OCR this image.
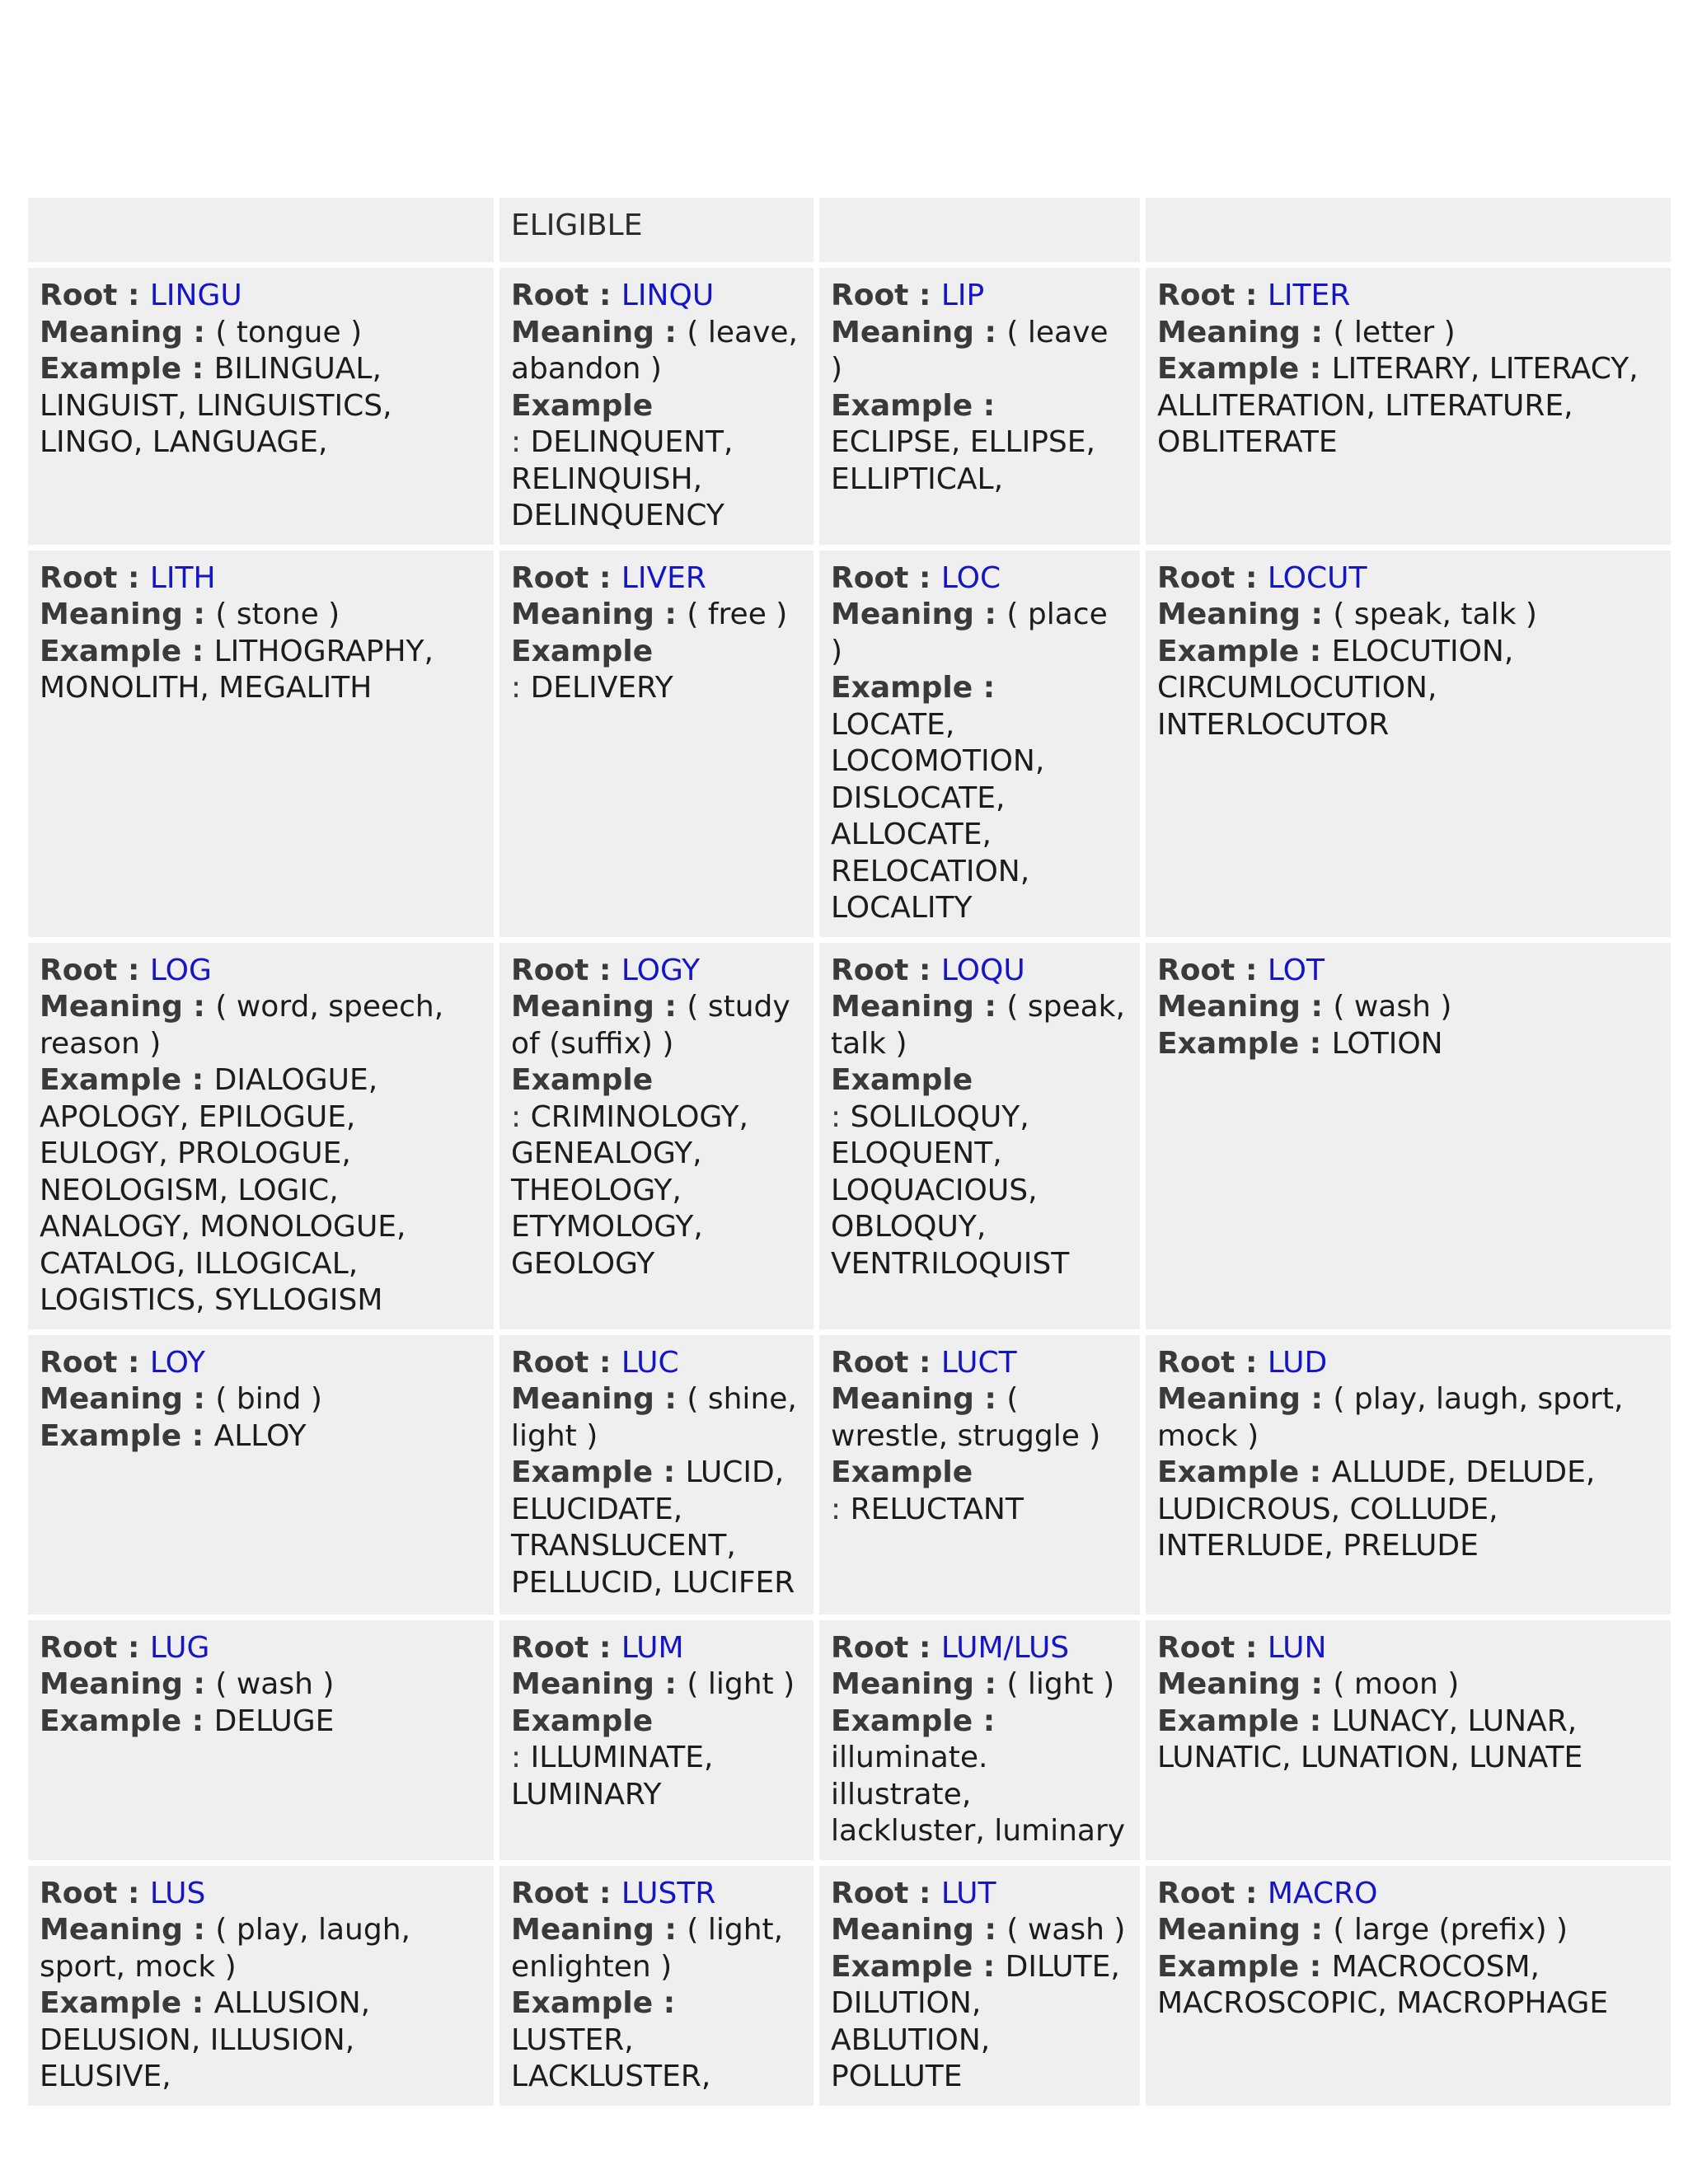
	ELIGIBLE		

Root : LINGU
Meaning : ( tongue )
Example : BILINGUAL, LINGUIST, LINGUISTICS, LINGO, LANGUAGE,	Root : LINQU
Meaning : ( leave, abandon )
Example
: DELINQUENT, RELINQUISH, DELINQUENCY	Root : LIP
Meaning : ( leave )
Example : ECLIPSE, ELLIPSE, ELLIPTICAL,	Root : LITER
Meaning : ( letter )
Example : LITERARY, LITERACY, ALLITERATION, LITERATURE, OBLITERATE

Root : LITH
Meaning : ( stone )
Example : LITHOGRAPHY, MONOLITH, MEGALITH	Root : LIVER
Meaning : ( free )
Example
: DELIVERY	Root : LOC
Meaning : ( place )
Example : LOCATE, LOCOMOTION, DISLOCATE, ALLOCATE, RELOCATION, LOCALITY	Root : LOCUT
Meaning : ( speak, talk )
Example : ELOCUTION, CIRCUMLOCUTION, INTERLOCUTOR

Root : LOG
Meaning : ( word, speech, reason )
Example : DIALOGUE, APOLOGY, EPILOGUE, EULOGY, PROLOGUE, NEOLOGISM, LOGIC, ANALOGY, MONOLOGUE, CATALOG, ILLOGICAL, LOGISTICS, SYLLOGISM	Root : LOGY
Meaning : ( study of (suffix) )
Example
: CRIMINOLOGY, GENEALOGY, THEOLOGY, ETYMOLOGY, GEOLOGY	Root : LOQU
Meaning : ( speak, talk )
Example
: SOLILOQUY, ELOQUENT, LOQUACIOUS, OBLOQUY, VENTRILOQUIST	Root : LOT
Meaning : ( wash )
Example : LOTION

Root : LOY
Meaning : ( bind )
Example : ALLOY	Root : LUC
Meaning : ( shine, light )
Example : LUCID, ELUCIDATE, TRANSLUCENT, PELLUCID, LUCIFER	Root : LUCT
Meaning : ( wrestle, struggle )
Example
: RELUCTANT	Root : LUD
Meaning : ( play, laugh, sport, mock )
Example : ALLUDE, DELUDE, LUDICROUS, COLLUDE, INTERLUDE, PRELUDE

Root : LUG
Meaning : ( wash )
Example : DELUGE	Root : LUM
Meaning : ( light )
Example
: ILLUMINATE, LUMINARY	Root : LUM/LUS
Meaning : ( light )
Example : illuminate. illustrate, lackluster, luminary	Root : LUN
Meaning : ( moon )
Example : LUNACY, LUNAR, LUNATIC, LUNATION, LUNATE

Root : LUS
Meaning : ( play, laugh, sport, mock )
Example : ALLUSION, DELUSION, ILLUSION, ELUSIVE,	Root : LUSTR
Meaning : ( light, enlighten )
Example : LUSTER, LACKLUSTER,	Root : LUT
Meaning : ( wash )
Example : DILUTE, DILUTION, ABLUTION, POLLUTE	Root : MACRO
Meaning : ( large (prefix) )
Example : MACROCOSM, MACROSCOPIC, MACROPHAGE
